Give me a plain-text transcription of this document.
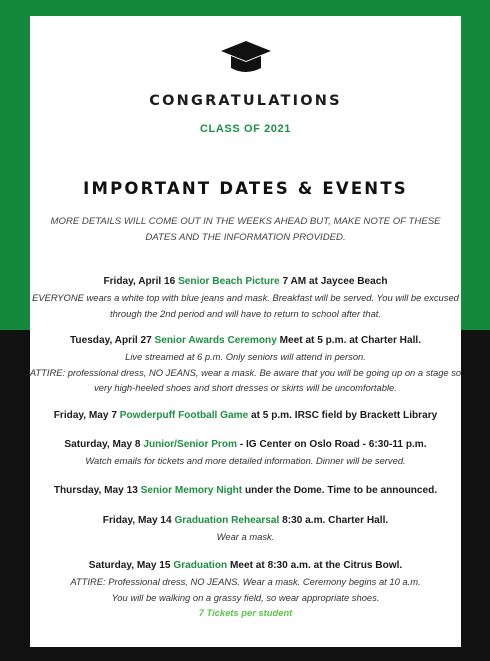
CONGRATULATIONS
CLASS OF 2021
IMPORTANT DATES & EVENTS
MORE DETAILS WILL COME OUT IN THE WEEKS AHEAD BUT, MAKE NOTE OF THESE DATES AND THE INFORMATION PROVIDED.
Friday, April 16 Senior Beach Picture 7 AM at Jaycee Beach
EVERYONE wears a white top with blue jeans and mask. Breakfast will be served. You will be excused through the 2nd period and will have to return to school after that.
Tuesday, April 27 Senior Awards Ceremony Meet at 5 p.m. at Charter Hall.
Live streamed at 6 p.m. Only seniors will attend in person.
ATTIRE: professional dress, NO JEANS, wear a mask. Be aware that you will be going up on a stage so very high-heeled shoes and short dresses or skirts will be uncomfortable.
Friday, May 7 Powderpuff Football Game at 5 p.m. IRSC field by Brackett Library
Saturday, May 8 Junior/Senior Prom - IG Center on Oslo Road - 6:30-11 p.m.
Watch emails for tickets and more detailed information. Dinner will be served.
Thursday, May 13 Senior Memory Night under the Dome. Time to be announced.
Friday, May 14 Graduation Rehearsal 8:30 a.m. Charter Hall.
Wear a mask.
Saturday, May 15 Graduation Meet at 8:30 a.m. at the Citrus Bowl.
ATTIRE: Professional dress, NO JEANS. Wear a mask. Ceremony begins at 10 a.m.
You will be walking on a grassy field, so wear appropriate shoes.
7 Tickets per student
